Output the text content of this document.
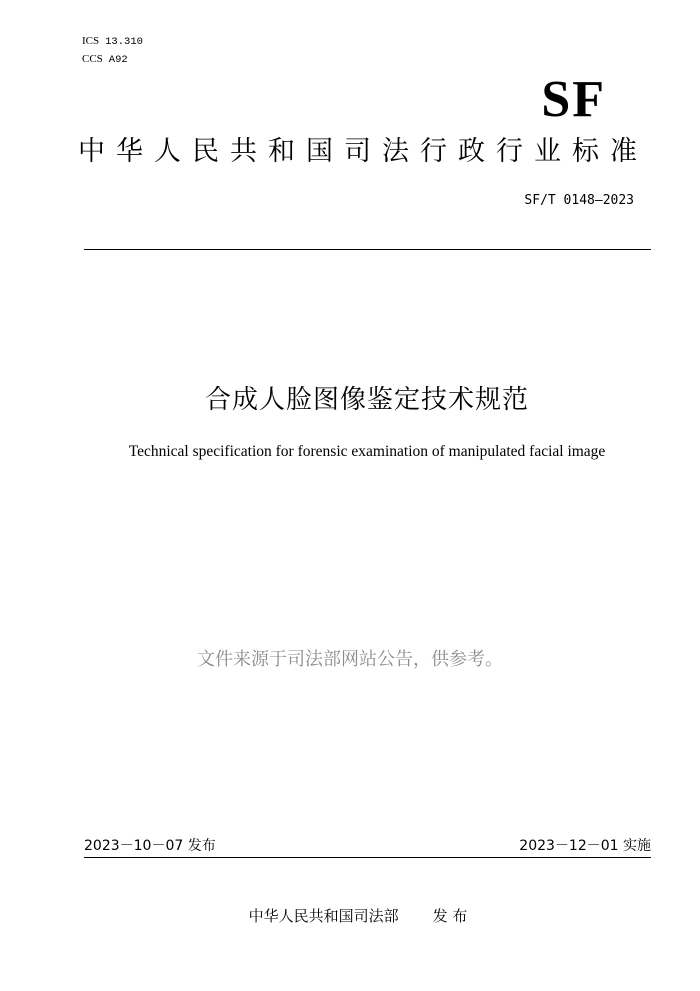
ICS 13.310
CCS A92
SF
中华人民共和国司法行政行业标准
SF/T 0148—2023
合成人脸图像鉴定技术规范
Technical specification for forensic examination of manipulated facial image
文件来源于司法部网站公告，供参考。
2023－10－07 发布	2023－12－01 实施
中华人民共和国司法部 发 布
